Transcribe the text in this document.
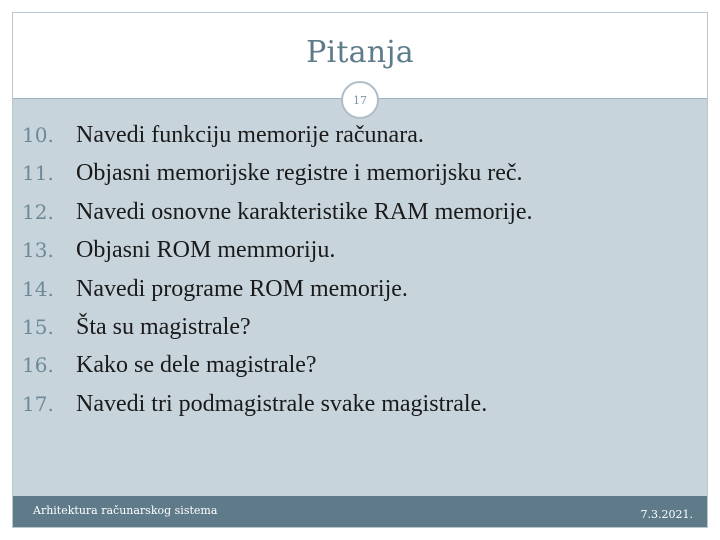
Pitanja
17
10. Navedi funkciju memorije računara.
11. Objasni memorijske registre i memorijsku reč.
12. Navedi osnovne karakteristike RAM memorije.
13. Objasni ROM memmoriju.
14. Navedi programe ROM memorije.
15. Šta su magistrale?
16. Kako se dele magistrale?
17. Navedi tri podmagistrale svake magistrale.
Arhitektura računarskog sistema	7.3.2021.
